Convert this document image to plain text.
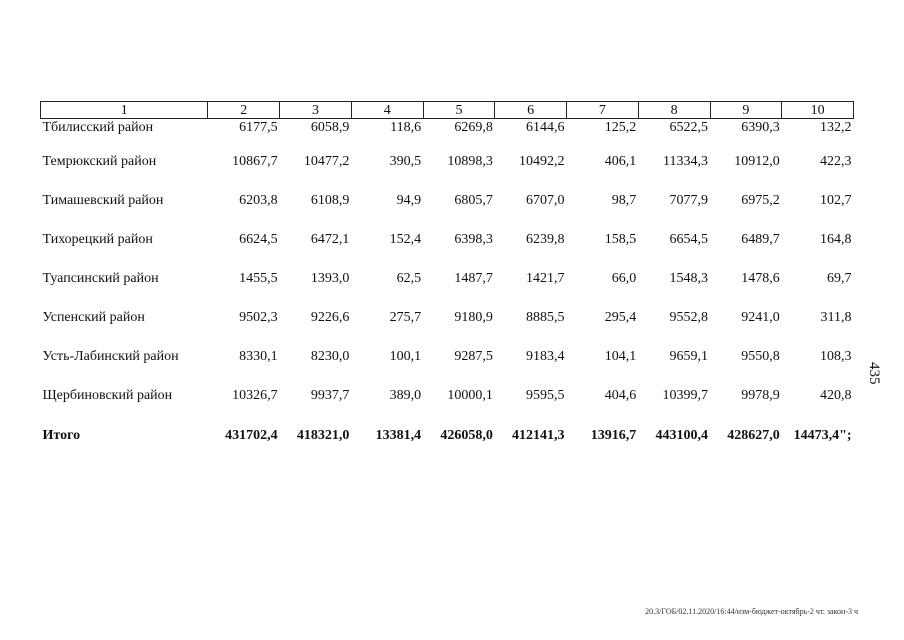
1	2	3	4	5	6	7	8	9	10
Тбилисский район	6177,5	6058,9	118,6	6269,8	6144,6	125,2	6522,5	6390,3	132,2
Темрюкский район	10867,7	10477,2	390,5	10898,3	10492,2	406,1	11334,3	10912,0	422,3
Тимашевский район	6203,8	6108,9	94,9	6805,7	6707,0	98,7	7077,9	6975,2	102,7
Тихорецкий район	6624,5	6472,1	152,4	6398,3	6239,8	158,5	6654,5	6489,7	164,8
Туапсинский район	1455,5	1393,0	62,5	1487,7	1421,7	66,0	1548,3	1478,6	69,7
Успенский район	9502,3	9226,6	275,7	9180,9	8885,5	295,4	9552,8	9241,0	311,8
Усть-Лабинский район	8330,1	8230,0	100,1	9287,5	9183,4	104,1	9659,1	9550,8	108,3
Щербиновский район	10326,7	9937,7	389,0	10000,1	9595,5	404,6	10399,7	9978,9	420,8
Итого	431702,4	418321,0	13381,4	426058,0	412141,3	13916,7	443100,4	428627,0	14473,4";
435
20.3/ГОБ/02.11.2020/16:44/изм-бюджет-октябрь-2 чт. закон-3 ч
